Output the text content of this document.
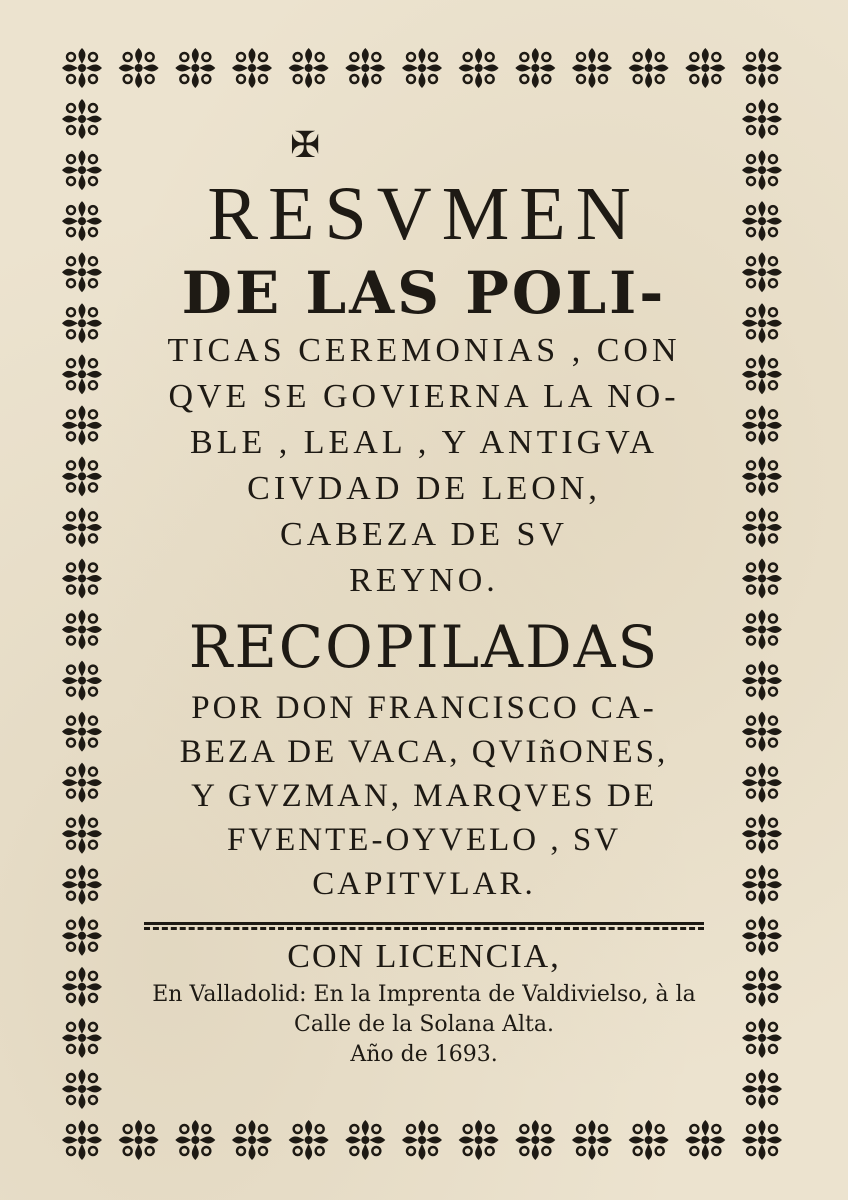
✠
RESVMEN
DE LAS POLI-
TICAS CEREMONIAS , CON
QVE SE GOVIERNA LA NO-
BLE , LEAL , Y ANTIGVA
CIVDAD DE LEON,
CABEZA DE SV
REYNO.
RECOPILADAS
POR DON FRANCISCO CA-
BEZA DE VACA, QVIñONES,
Y GVZMAN, MARQVES DE
FVENTE-OYVELO , SV
CAPITVLAR.
CON LICENCIA,
En Valladolid: En la Imprenta de Valdivielso, à la
Calle de la Solana Alta.
Año de 1693.
